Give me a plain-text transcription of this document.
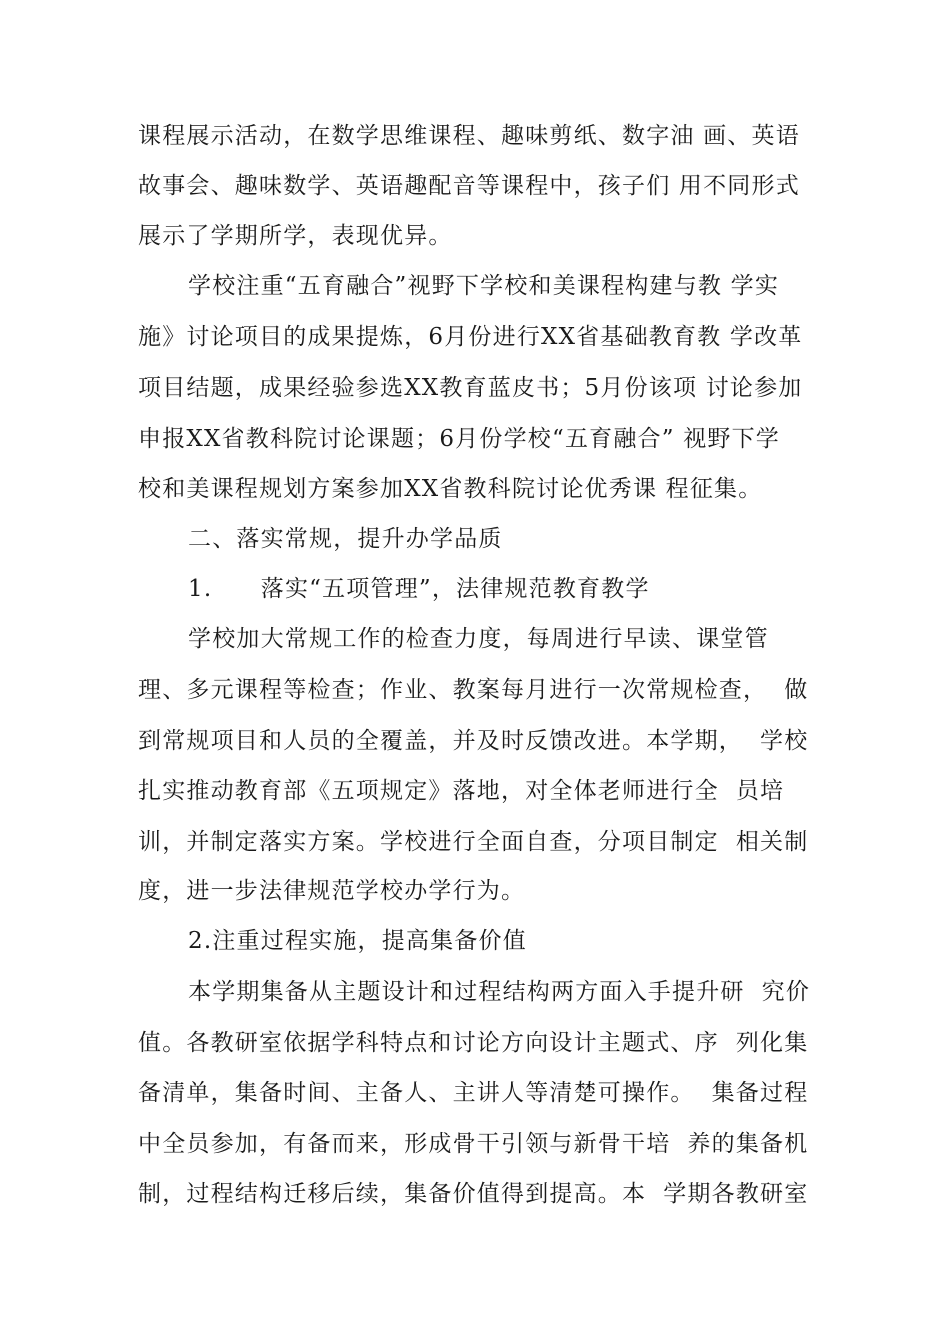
课程展示活动，在数学思维课程、趣味剪纸、数字油 画、英语
故事会、趣味数学、英语趣配音等课程中，孩子们 用不同形式
展示了学期所学，表现优异。
学校注重“五育融合”视野下学校和美课程构建与教 学实
施》讨论项目的成果提炼，6月份进行XX省基础教育教 学改革
项目结题，成果经验参选XX教育蓝皮书；5月份该项 讨论参加
申报XX省教科院讨论课题；6月份学校“五育融合” 视野下学
校和美课程规划方案参加XX省教科院讨论优秀课 程征集。
二、落实常规，提升办学品质
1.　　落实“五项管理”，法律规范教育教学
学校加大常规工作的检查力度，每周进行早读、课堂管
理、多元课程等检查；作业、教案每月进行一次常规检查，  做
到常规项目和人员的全覆盖，并及时反馈改进。本学期，  学校
扎实推动教育部《五项规定》落地，对全体老师进行全  员培
训，并制定落实方案。学校进行全面自查，分项目制定  相关制
度，进一步法律规范学校办学行为。
2.注重过程实施，提高集备价值
本学期集备从主题设计和过程结构两方面入手提升研  究价
值。各教研室依据学科特点和讨论方向设计主题式、序  列化集
备清单，集备时间、主备人、主讲人等清楚可操作。  集备过程
中全员参加，有备而来，形成骨干引领与新骨干培  养的集备机
制，过程结构迁移后续，集备价值得到提高。本  学期各教研室
